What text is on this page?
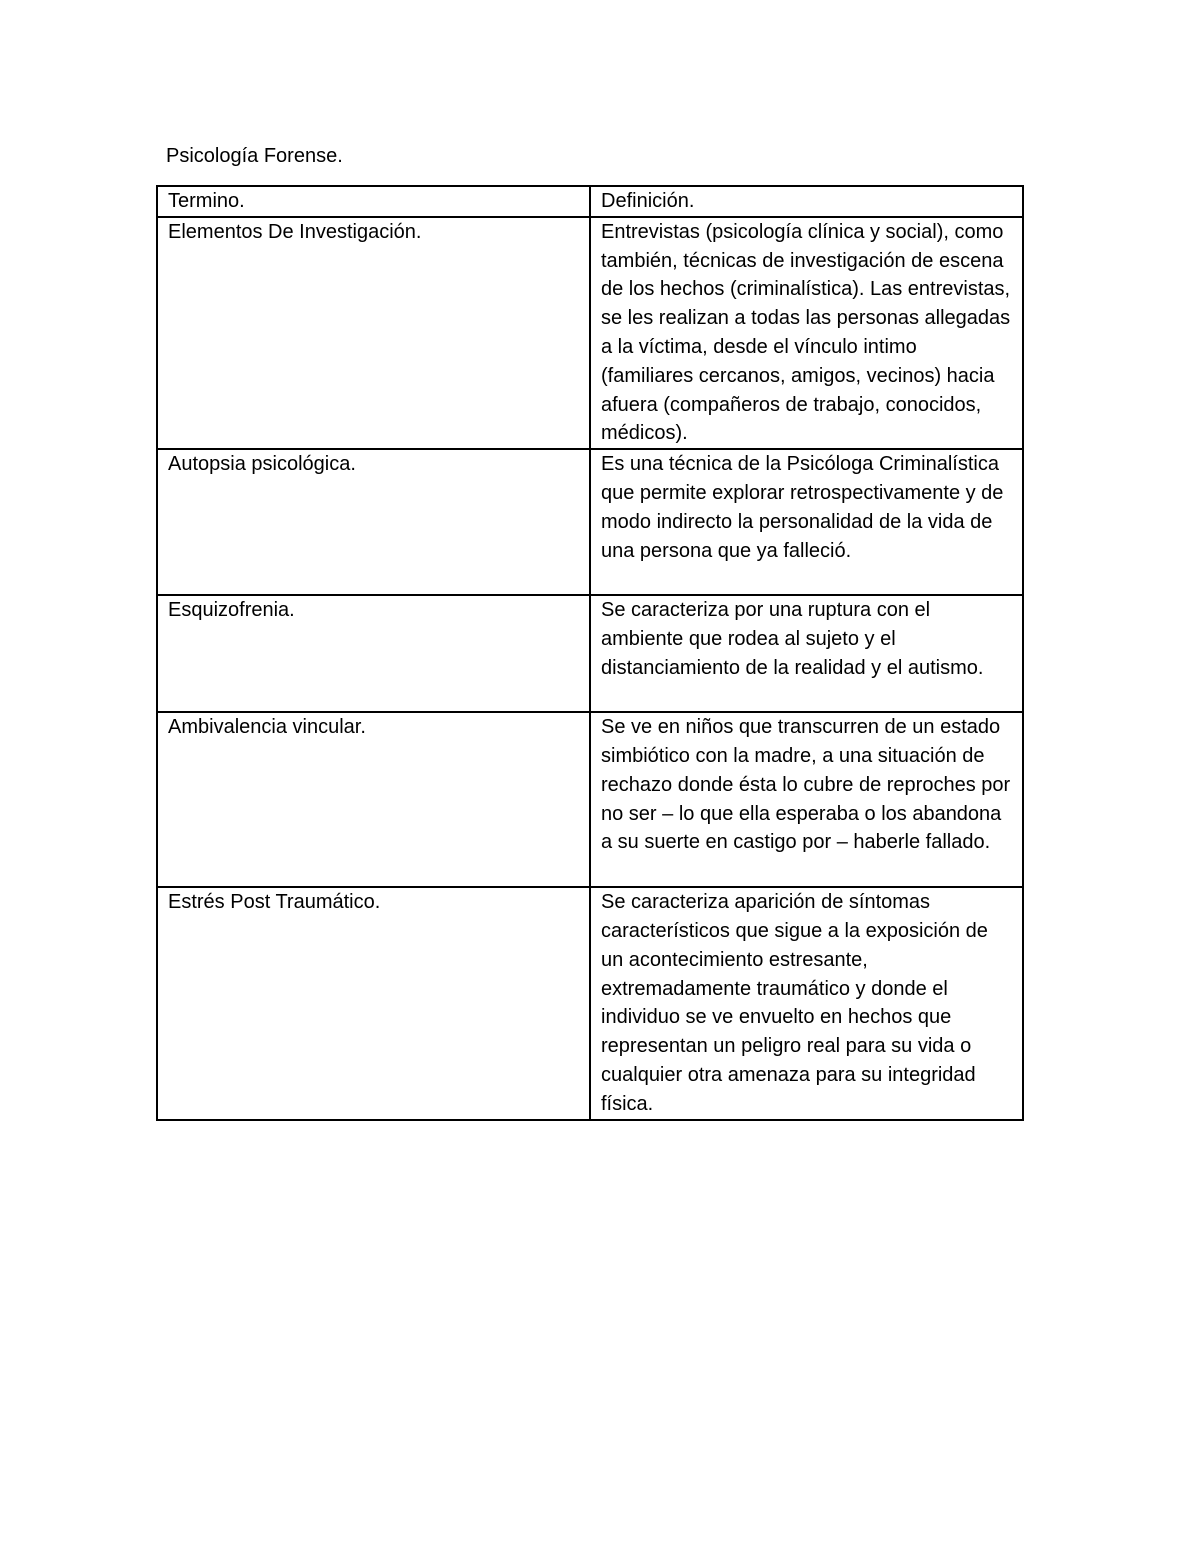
Psicología Forense.
Termino.	Definición.
Elementos De Investigación.	Entrevistas (psicología clínica y social), como también, técnicas de investigación de escena de los hechos (criminalística). Las entrevistas, se les realizan a todas las personas allegadas a la víctima, desde el vínculo intimo (familiares cercanos, amigos, vecinos) hacia afuera (compañeros de trabajo, conocidos, médicos).
Autopsia psicológica.	Es una técnica de la Psicóloga Criminalística que permite explorar retrospectivamente y de modo indirecto la personalidad de la vida de una persona que ya falleció.
Esquizofrenia.	Se caracteriza por una ruptura con el ambiente que rodea al sujeto y el distanciamiento de la realidad y el autismo.
Ambivalencia vincular.	Se ve en niños que transcurren de un estado simbiótico con la madre, a una situación de rechazo donde ésta lo cubre de reproches por no ser – lo que ella esperaba o los abandona a su suerte en castigo por – haberle fallado.
Estrés Post Traumático.	Se caracteriza aparición de síntomas característicos que sigue a la exposición de un acontecimiento estresante, extremadamente traumático y donde el individuo se ve envuelto en hechos que representan un peligro real para su vida o cualquier otra amenaza para su integridad física.
